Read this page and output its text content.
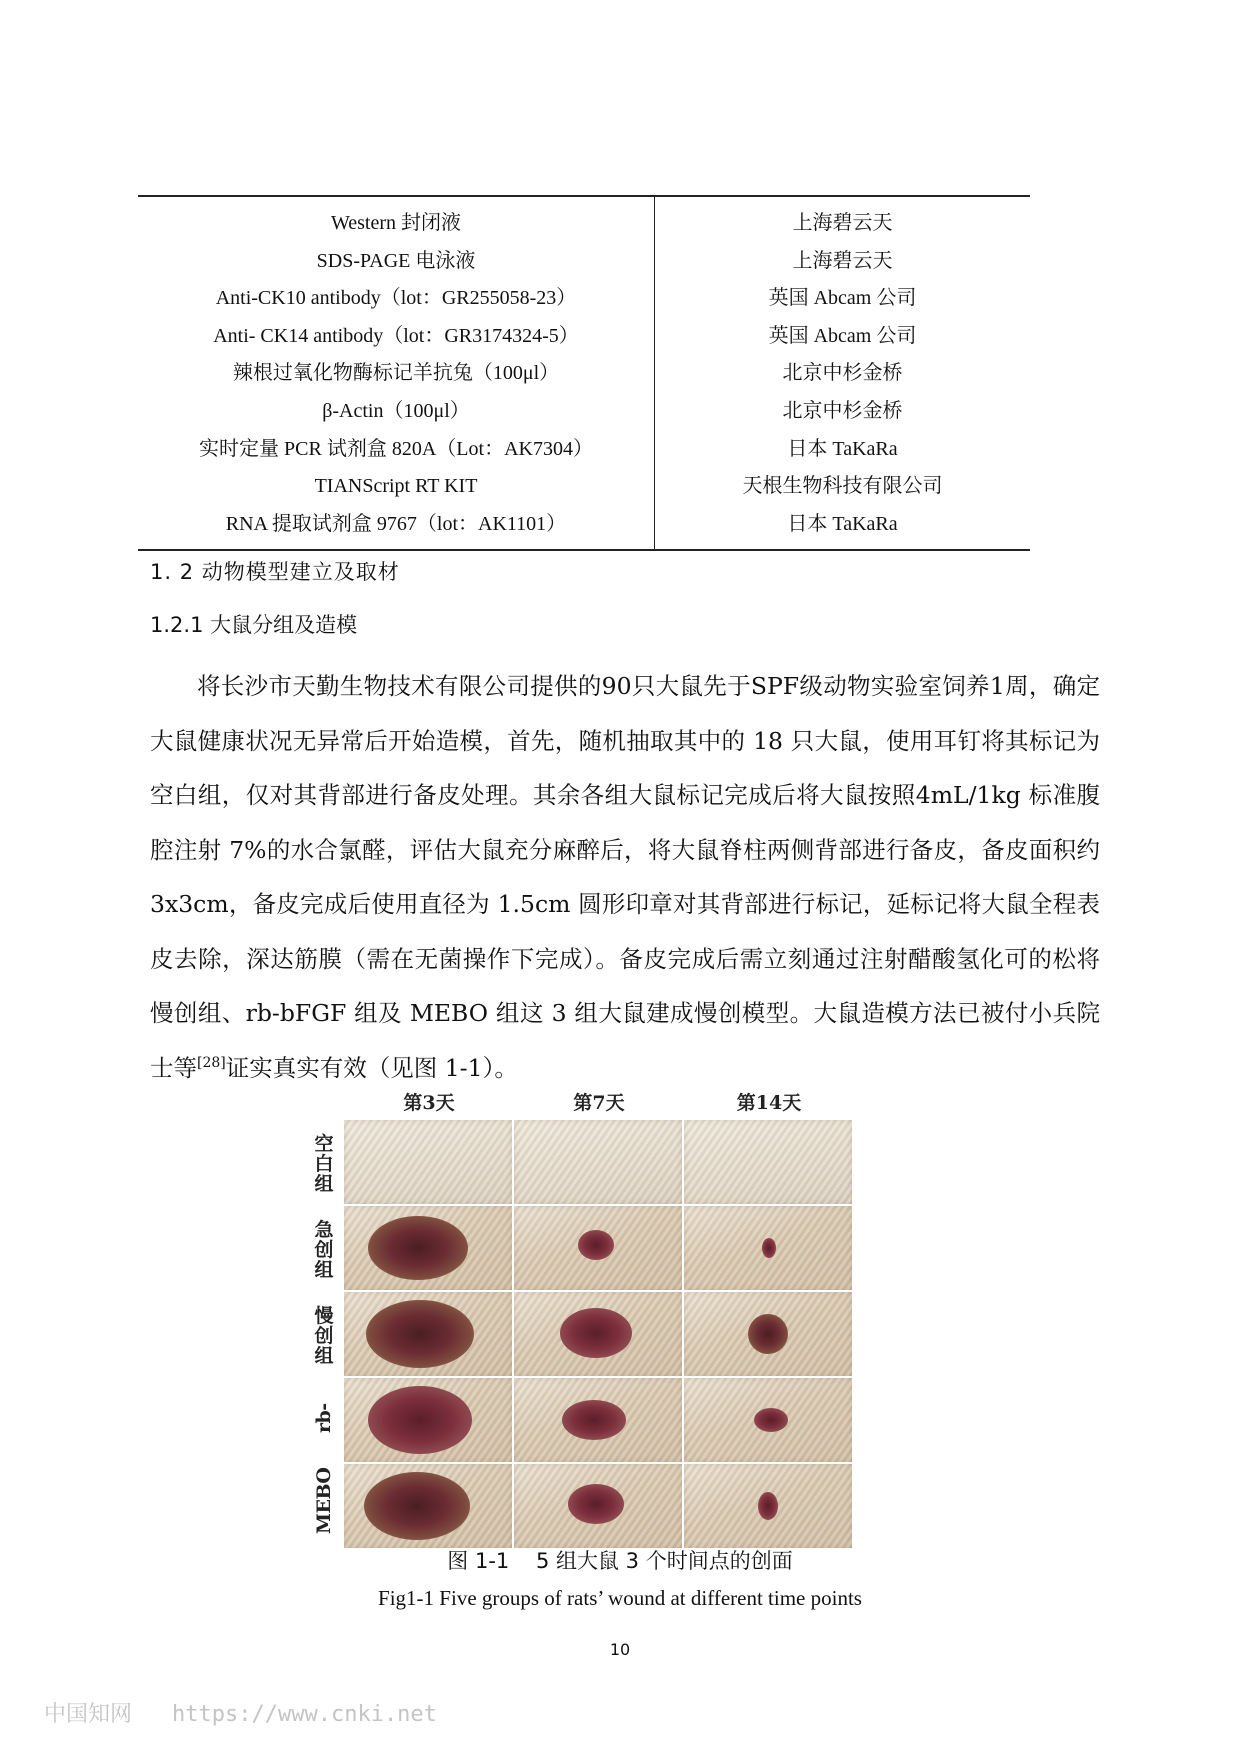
Western 封闭液	上海碧云天
SDS-PAGE 电泳液	上海碧云天
Anti-CK10 antibody（lot：GR255058-23）	英国 Abcam 公司
Anti- CK14 antibody（lot：GR3174324-5）	英国 Abcam 公司
辣根过氧化物酶标记羊抗兔（100μl）	北京中杉金桥
β-Actin（100μl）	北京中杉金桥
实时定量 PCR 试剂盒 820A（Lot：AK7304）	日本 TaKaRa
TIANScript RT KIT	天根生物科技有限公司
RNA 提取试剂盒 9767（lot：AK1101）	日本 TaKaRa
1. 2 动物模型建立及取材
1.2.1 大鼠分组及造模

将长沙市天勤生物技术有限公司提供的90只大鼠先于SPF级动物实验室饲养1周，确定大鼠健康状况无异常后开始造模，首先，随机抽取其中的 18 只大鼠，使用耳钉将其标记为空白组，仅对其背部进行备皮处理。其余各组大鼠标记完成后将大鼠按照4mL/1kg 标准腹腔注射 7%的水合氯醛，评估大鼠充分麻醉后，将大鼠脊柱两侧背部进行备皮，备皮面积约 3x3cm，备皮完成后使用直径为 1.5cm 圆形印章对其背部进行标记，延标记将大鼠全程表皮去除，深达筋膜（需在无菌操作下完成）。备皮完成后需立刻通过注射醋酸氢化可的松将慢创组、rb-bFGF 组及 MEBO 组这 3 组大鼠建成慢创模型。大鼠造模方法已被付小兵院士等[28]证实真实有效（见图 1-1）。

第3天	第7天	第14天
空白组
急创组
慢创组
rb-
MEBO
图 1-1    5 组大鼠 3 个时间点的创面
Fig1-1 Five groups of rats’ wound at different time points
10
中国知网 https://www.cnki.net
